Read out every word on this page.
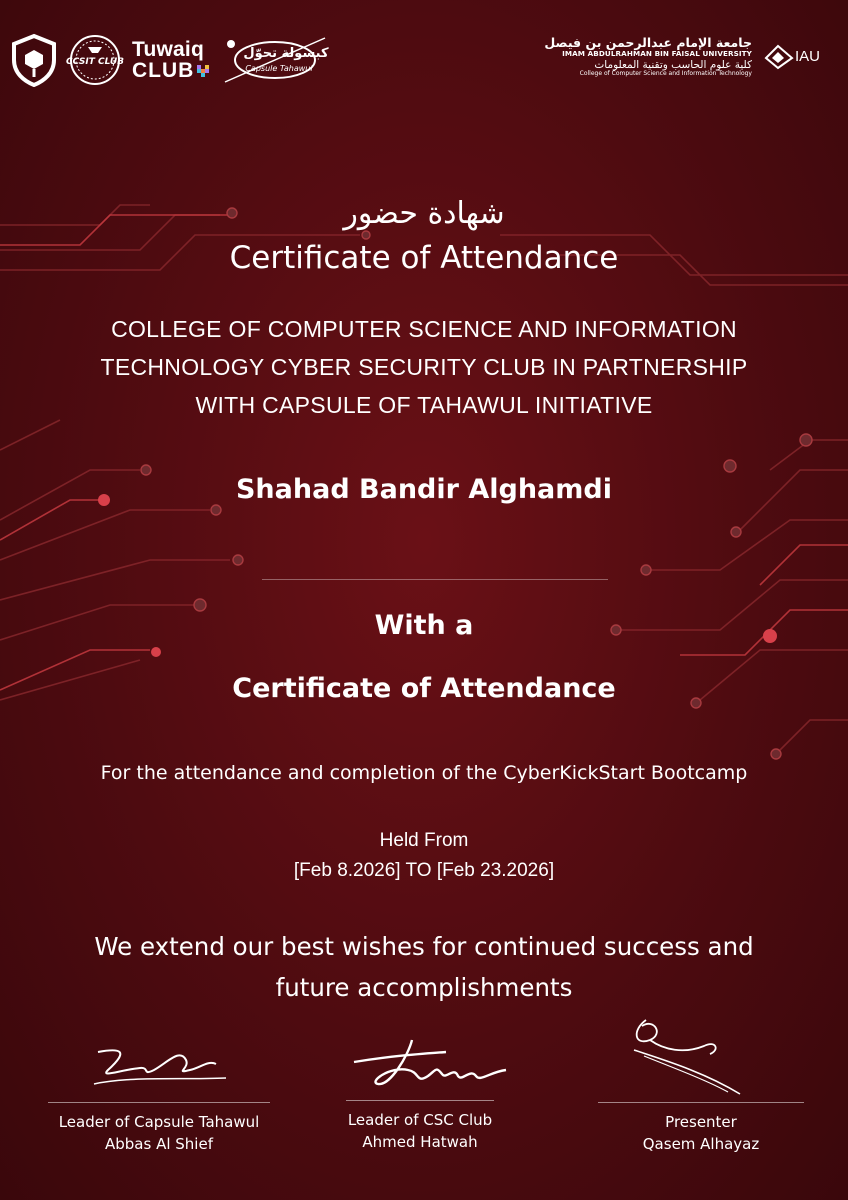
CCSIT CLUB
Tuwaiq
CLUB
كبسولة تحوّل
Capsule Tahawul
جامعة الإمام عبدالرحمن بن فيصل
IMAM ABDULRAHMAN BIN FAISAL UNIVERSITY
كلية علوم الحاسب وتقنية المعلومات
College of Computer Science and Information Technology
IAU
شهادة حضور
Certificate of Attendance
COLLEGE OF COMPUTER SCIENCE AND INFORMATION
TECHNOLOGY CYBER SECURITY CLUB IN PARTNERSHIP
WITH CAPSULE OF TAHAWUL INITIATIVE
Shahad Bandir Alghamdi
With a
Certificate of Attendance
For the attendance and completion of the CyberKickStart Bootcamp
Held From
[Feb 8.2026] TO [Feb 23.2026]
We extend our best wishes for continued success and
future accomplishments
Leader of Capsule Tahawul
Abbas Al Shief
Leader of CSC Club
Ahmed Hatwah
Presenter
Qasem Alhayaz
